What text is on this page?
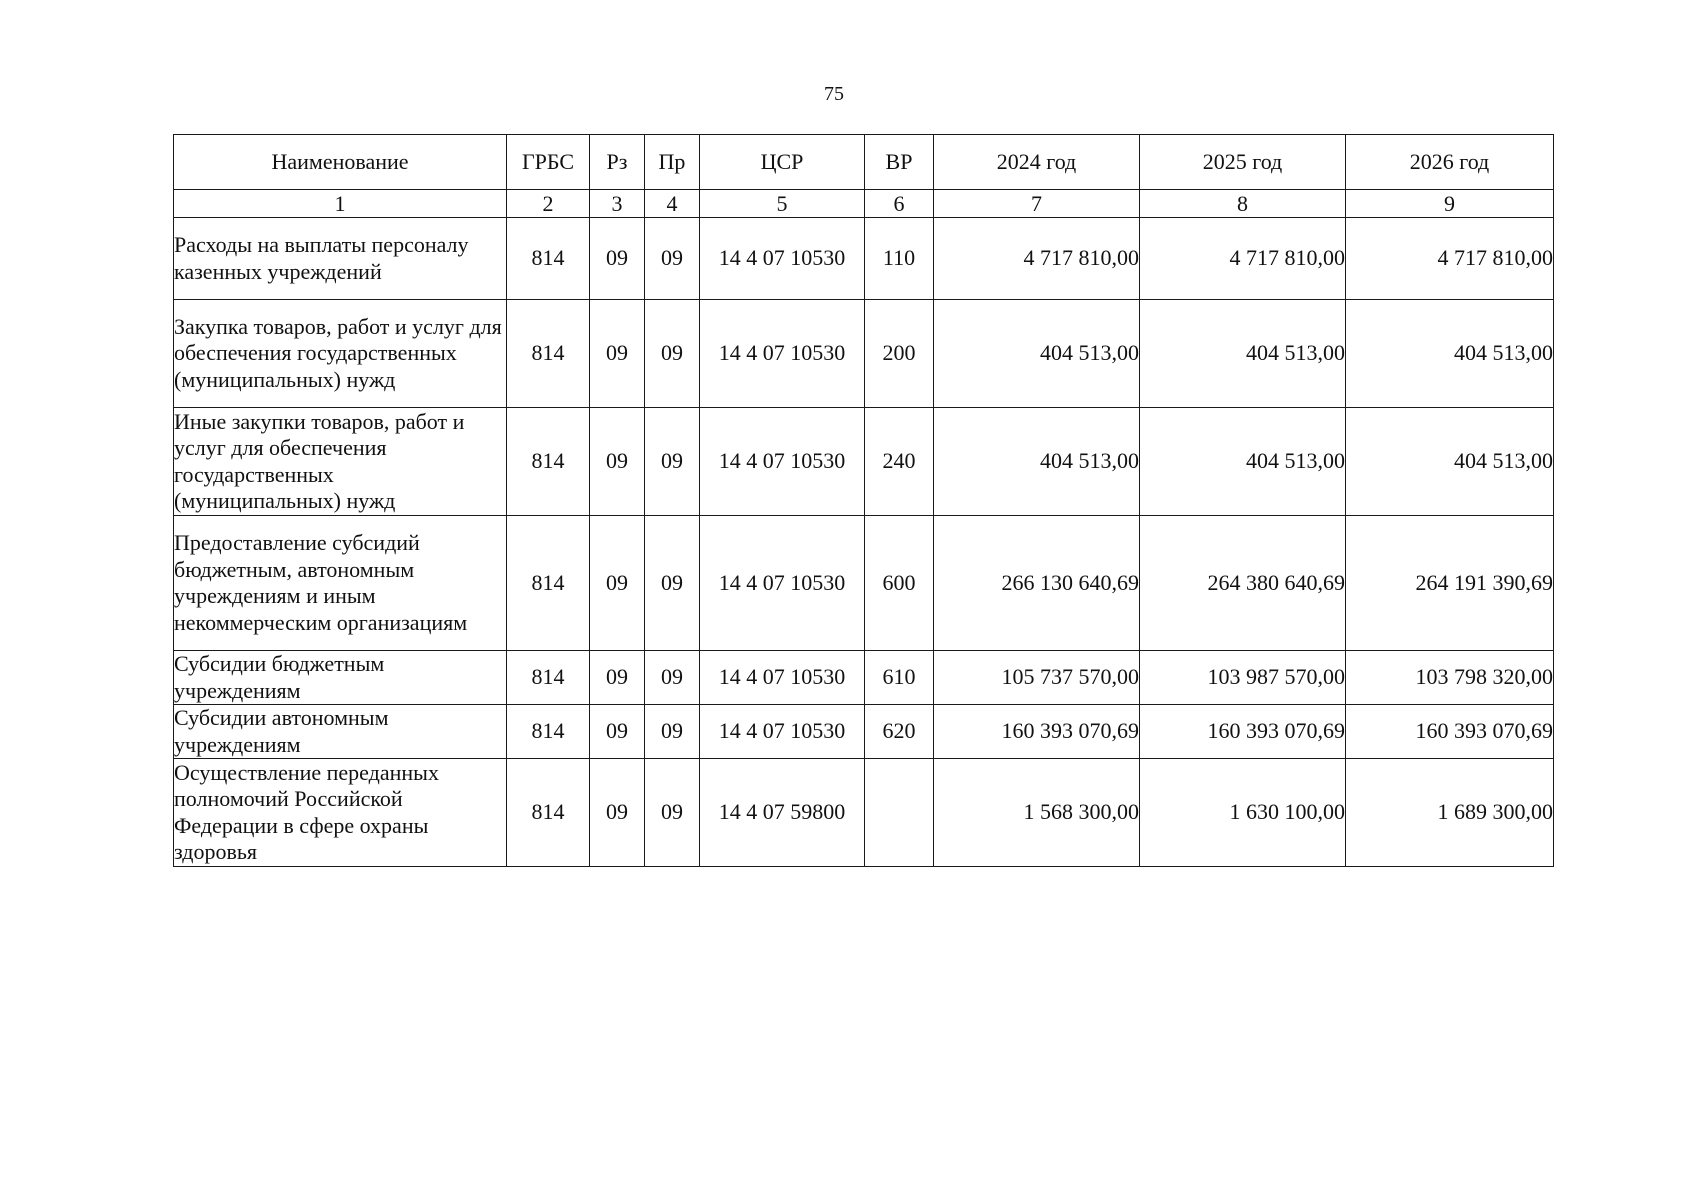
75
Наименование	ГРБС	Рз	Пр	ЦСР	ВР	2024 год	2025 год	2026 год
1	2	3	4	5	6	7	8	9
Расходы на выплаты персоналу казенных учреждений	814	09	09	14 4 07 10530	110	4 717 810,00	4 717 810,00	4 717 810,00
Закупка товаров, работ и услуг для обеспечения государственных (муниципальных) нужд	814	09	09	14 4 07 10530	200	404 513,00	404 513,00	404 513,00
Иные закупки товаров, работ и услуг для обеспечения государственных (муниципальных) нужд	814	09	09	14 4 07 10530	240	404 513,00	404 513,00	404 513,00
Предоставление субсидий бюджетным, автономным учреждениям и иным некоммерческим организациям	814	09	09	14 4 07 10530	600	266 130 640,69	264 380 640,69	264 191 390,69
Субсидии бюджетным учреждениям	814	09	09	14 4 07 10530	610	105 737 570,00	103 987 570,00	103 798 320,00
Субсидии автономным учреждениям	814	09	09	14 4 07 10530	620	160 393 070,69	160 393 070,69	160 393 070,69
Осуществление переданных полномочий Российской Федерации в сфере охраны здоровья	814	09	09	14 4 07 59800		1 568 300,00	1 630 100,00	1 689 300,00
